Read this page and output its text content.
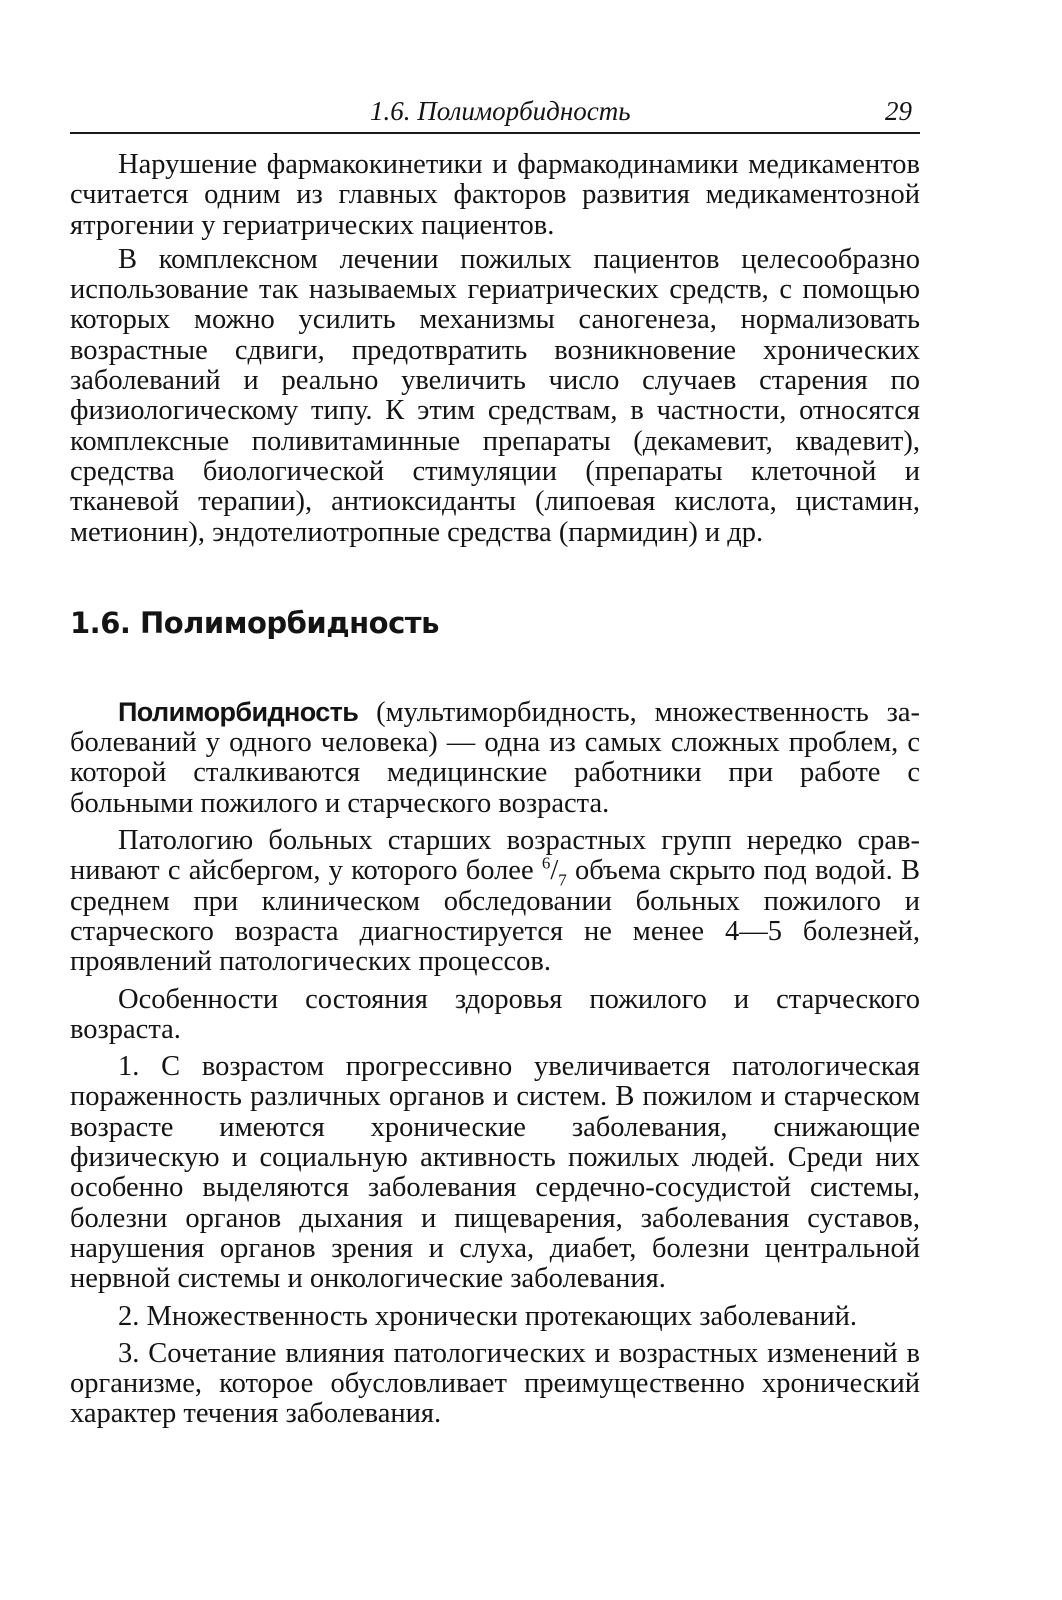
1.6. Полиморбидность	29

Нарушение фармакокинетики и фармакодинамики медикаментов считается одним из главных факторов развития медикаментозной ятрогении у гериатрических пациентов.

В комплексном лечении пожилых пациентов целесообразно использование так называемых гериатрических средств, с помощью которых можно усилить механизмы саногенеза, нормализовать возрастные сдвиги, предотвратить возникновение хронических заболеваний и реально увеличить число случаев старения по физиологическому типу. К этим средствам, в частности, относятся комплексные поливитаминные препараты (декамевит, квадевит), средства биологической стимуляции (препараты клеточной и тканевой терапии), антиоксиданты (липоевая кислота, цистамин, метионин), эндотелиотропные средства (пармидин) и др.

1.6. Полиморбидность

Полиморбидность (мультиморбидность, множественность заболеваний у одного человека) — одна из самых сложных проблем, с которой сталкиваются медицинские работники при работе с больными пожилого и старческого возраста.

Патологию больных старших возрастных групп нередко сравнивают с айсбергом, у которого более $^6/_7$ объема скрыто под водой. В среднем при клиническом обследовании больных пожилого и старческого возраста диагностируется не менее 4—5 болезней, проявлений патологических процессов.

Особенности состояния здоровья пожилого и старческого возраста.

1. С возрастом прогрессивно увеличивается патологическая пораженность различных органов и систем. В пожилом и старческом возрасте имеются хронические заболевания, снижающие физическую и социальную активность пожилых людей. Среди них особенно выделяются заболевания сердечно-сосудистой системы, болезни органов дыхания и пищеварения, заболевания суставов, нарушения органов зрения и слуха, диабет, болезни центральной нервной системы и онкологические заболевания.

2. Множественность хронически протекающих заболеваний.

3. Сочетание влияния патологических и возрастных изменений в организме, которое обусловливает преимущественно хронический характер течения заболевания.
